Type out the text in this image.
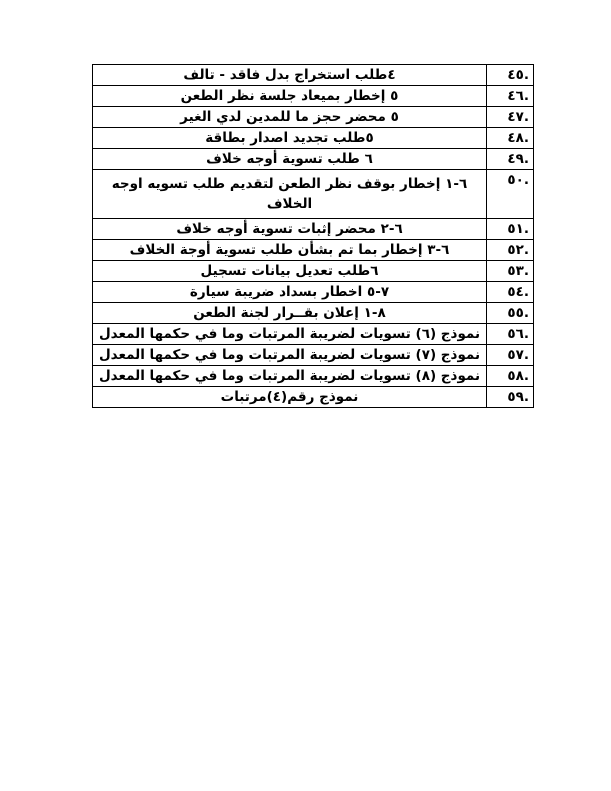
.٤٥	٤طلب استخراج بدل فاقد - تالف
.٤٦	٥ إخطار بميعاد جلسة نظر الطعن
.٤٧	٥ محضر حجز ما للمدين لدي الغير
.٤٨	٥طلب تجديد اصدار بطاقة
.٤٩	٦ طلب تسوية أوجه خلاف
.٥٠	٦-١ إخطار بوقف نظر الطعن لتقديم طلب تسويه اوجه الخلاف
.٥١	٦-٢ محضر إثبات تسوية أوجه خلاف
.٥٢	٦-٣ إخطار بما تم بشأن طلب تسوية أوجة الخلاف
.٥٣	٦طلب تعديل بيانات تسجيل
.٥٤	٧-٥ اخطار بسداد ضريبة سيارة
.٥٥	٨-١ إعلان بقــرار لجنة الطعن
.٥٦	نموذج (٦) تسويات لضريبة المرتبات وما في حكمها المعدل
.٥٧	نموذج (٧) تسويات لضريبة المرتبات وما في حكمها المعدل
.٥٨	نموذج (٨) تسويات لضريبة المرتبات وما في حكمها المعدل
.٥٩	نموذج رقم(٤)مرتبات
